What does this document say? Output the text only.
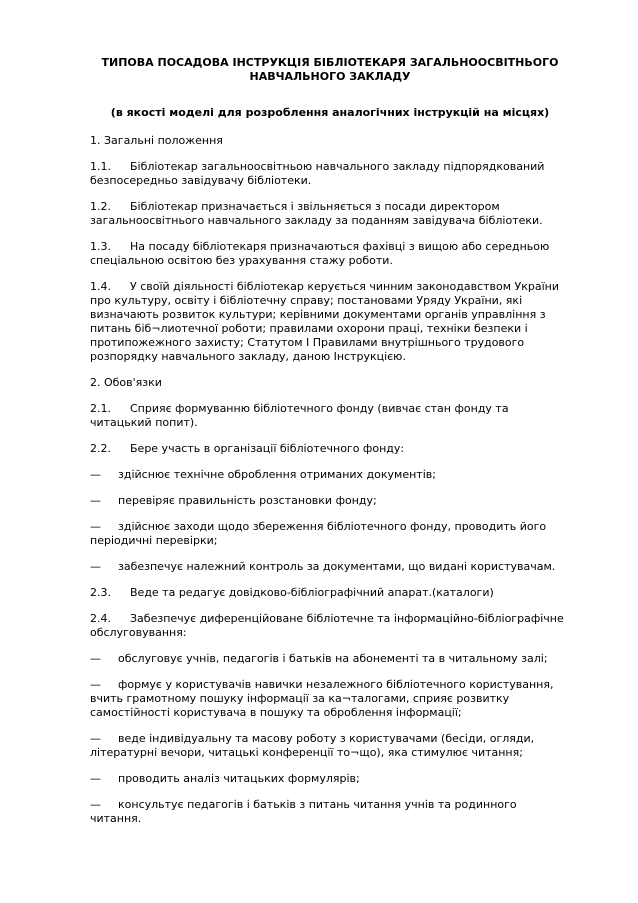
ТИПОВА ПОСАДОВА ІНСТРУКЦІЯ БІБЛІОТЕКАРЯ ЗАГАЛЬНООСВІТНЬОГО НАВЧАЛЬНОГО ЗАКЛАДУ
(в якості моделі для розроблення аналогічних інструкцій на місцях)
1. Загальні положення
1.1. Бібліотекар загальноосвітньою навчального закладу підпорядкований безпосередньо завідувачу бібліотеки.
1.2. Бібліотекар призначається і звільняється з посади директором загальноосвітнього навчального закладу за поданням завідувача бібліотеки.
1.3. На посаду бібліотекаря призначаються фахівці з вищою або середньою спеціальною освітою без урахування стажу роботи.
1.4. У своїй діяльності бібліотекар керується чинним законодавством України про культуру, освіту і бібліотечну справу; постановами Уряду України, які визначають розвиток культури; керівними документами органів управління з питань біб¬лиотечної роботи; правилами охорони праці, техніки безпеки і протипожежного захисту; Статутом І Правилами внутрішнього трудового розпорядку навчального закладу, даною Інструкцією.
2. Обов'язки
2.1. Сприяє формуванню бібліотечного фонду (вивчає стан фонду та читацький попит).
2.2. Бере участь в організації бібліотечного фонду:
— здійснює технічне оброблення отриманих документів;
— перевіряє правильність розстановки фонду;
— здійснює заходи щодо збереження бібліотечного фонду, проводить його періодичні перевірки;
— забезпечує належний контроль за документами, що видані користувачам.
2.3. Веде та редагує довідково-бібліографічний апарат.(каталоги)
2.4. Забезпечує диференційоване бібліотечне та інформаційно-бібліографічне обслуговування:
— обслуговує учнів, педагогів і батьків на абонементі та в читальному залі;
— формує у користувачів навички незалежного бібліотечного користування, вчить грамотному пошуку інформації за ка¬талогами, сприяє розвитку самостійності користувача в пошуку та оброблення інформації;
— веде індивідуальну та масову роботу з користувачами (бесіди, огляди, літературні вечори, читацькі конференції то¬що), яка стимулює читання;
— проводить аналіз читацьких формулярів;
— консультує педагогів і батьків з питань читання учнів та родинного читання.
